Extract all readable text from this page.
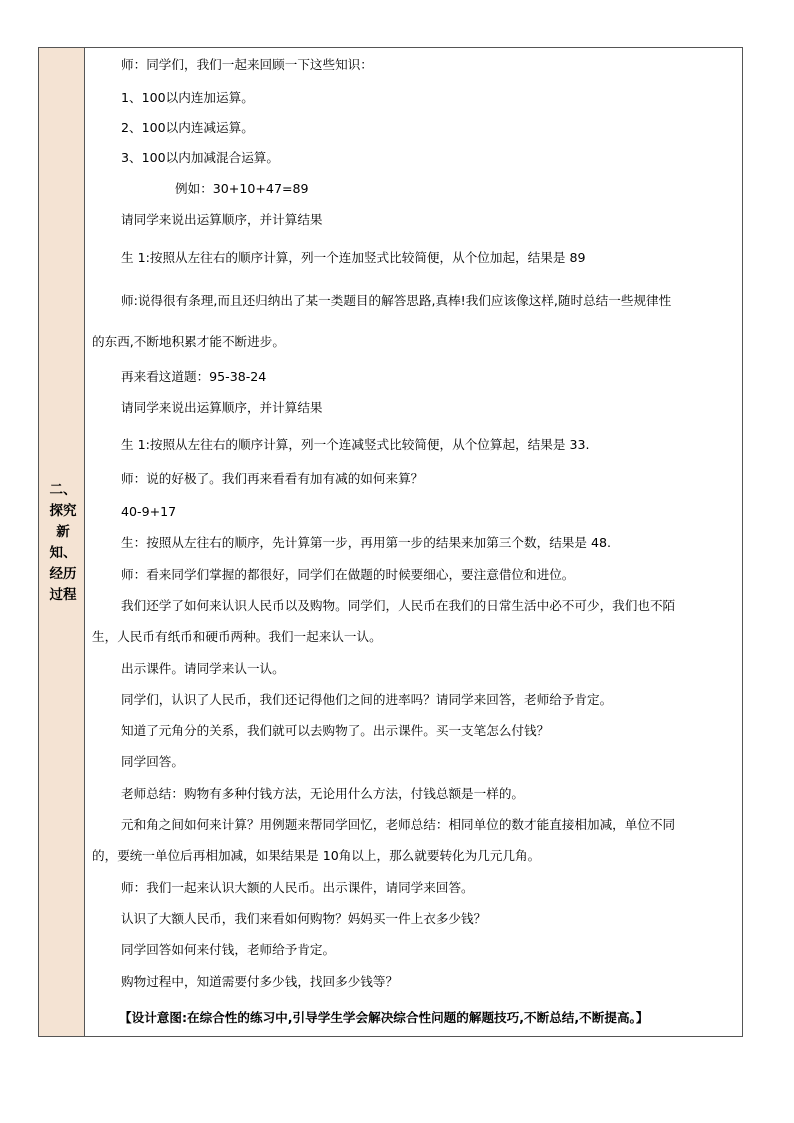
二、
探究
新
知、
经历
过程
师：同学们，我们一起来回顾一下这些知识：
1、100以内连加运算。
2、100以内连减运算。
3、100以内加减混合运算。
例如：30+10+47=89
请同学来说出运算顺序，并计算结果
生 1:按照从左往右的顺序计算，列一个连加竖式比较简便，从个位加起，结果是 89
师:说得很有条理,而且还归纳出了某一类题目的解答思路,真棒!我们应该像这样,随时总结一些规律性
的东西,不断地积累才能不断进步。
再来看这道题：95-38-24
请同学来说出运算顺序，并计算结果
生 1:按照从左往右的顺序计算，列一个连减竖式比较简便，从个位算起，结果是 33.
师：说的好极了。我们再来看看有加有减的如何来算？
40-9+17
生：按照从左往右的顺序，先计算第一步，再用第一步的结果来加第三个数，结果是 48.
师：看来同学们掌握的都很好，同学们在做题的时候要细心，要注意借位和进位。
我们还学了如何来认识人民币以及购物。同学们，人民币在我们的日常生活中必不可少，我们也不陌
生，人民币有纸币和硬币两种。我们一起来认一认。
出示课件。请同学来认一认。
同学们，认识了人民币，我们还记得他们之间的进率吗？请同学来回答，老师给予肯定。
知道了元角分的关系，我们就可以去购物了。出示课件。买一支笔怎么付钱？
同学回答。
老师总结：购物有多种付钱方法，无论用什么方法，付钱总额是一样的。
元和角之间如何来计算？用例题来帮同学回忆，老师总结：相同单位的数才能直接相加减，单位不同
的，要统一单位后再相加减，如果结果是 10角以上，那么就要转化为几元几角。
师：我们一起来认识大额的人民币。出示课件，请同学来回答。
认识了大额人民币，我们来看如何购物？妈妈买一件上衣多少钱？
同学回答如何来付钱，老师给予肯定。
购物过程中，知道需要付多少钱，找回多少钱等？
【设计意图:在综合性的练习中,引导学生学会解决综合性问题的解题技巧,不断总结,不断提高。】
